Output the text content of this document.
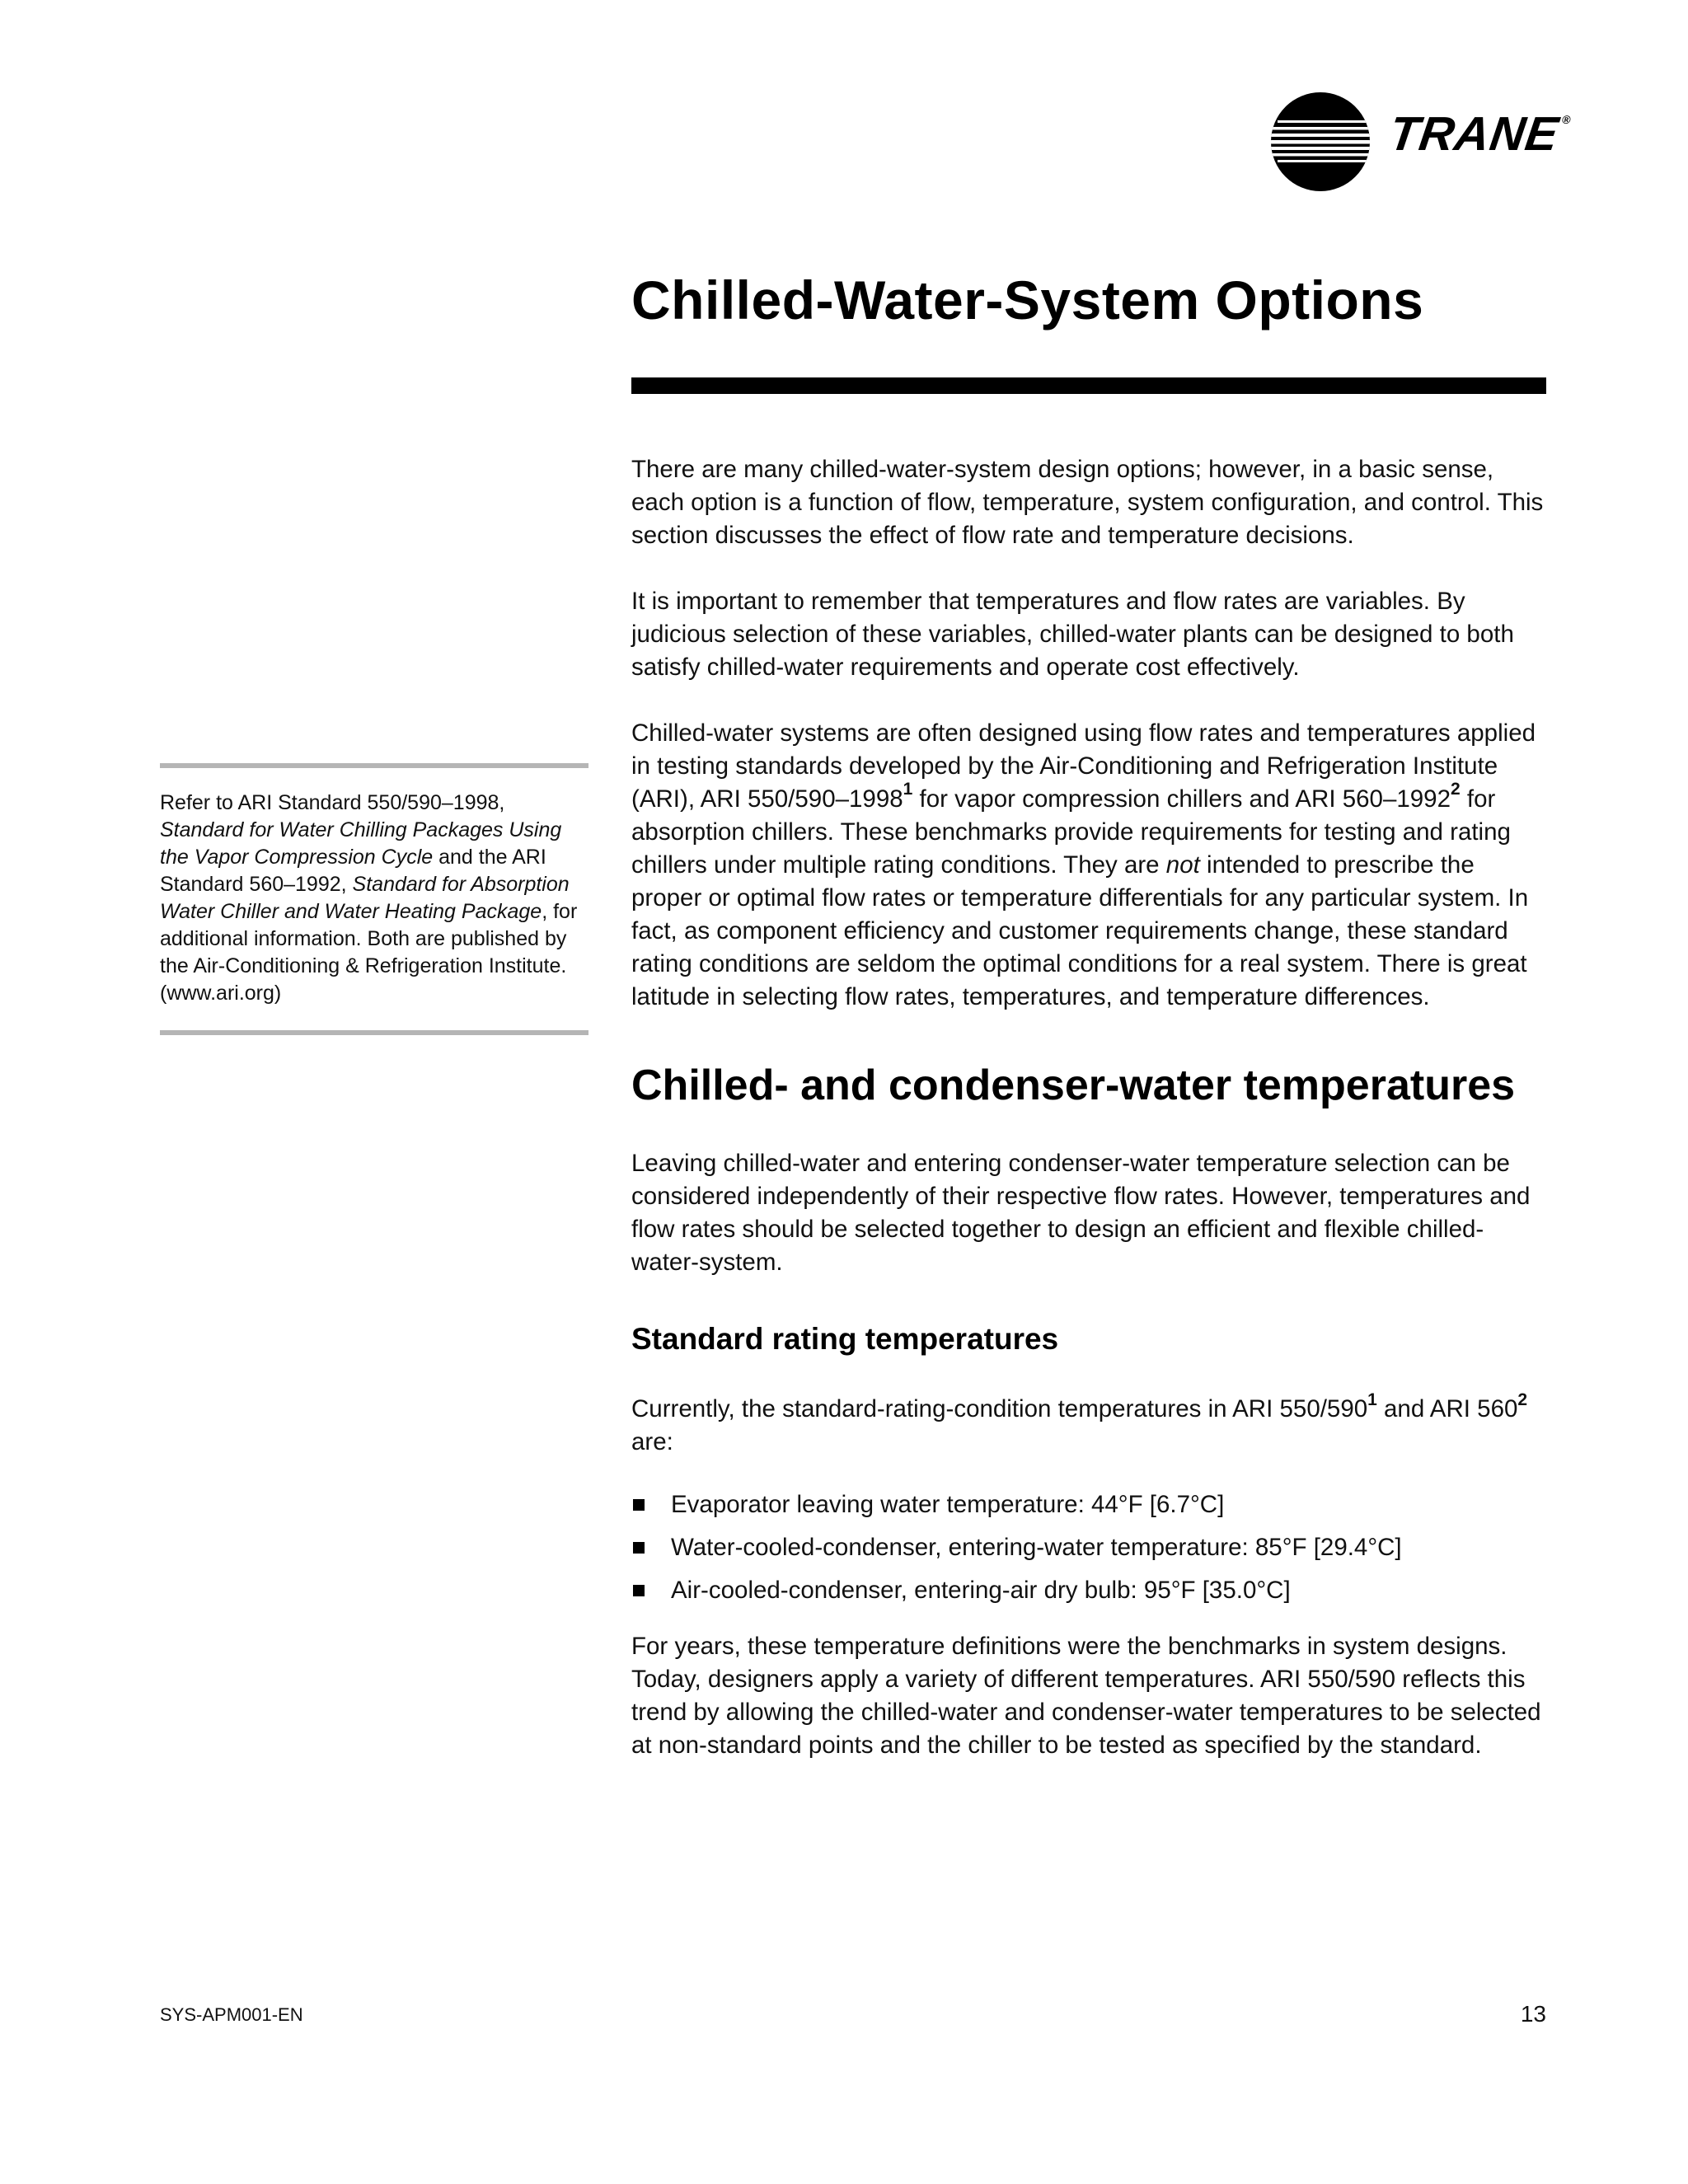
TRANE®
Chilled-Water-System Options

Refer to ARI Standard 550/590–1998, Standard for Water Chilling Packages Using the Vapor Compression Cycle and the ARI Standard 560–1992, Standard for Absorption Water Chiller and Water Heating Package, for additional information. Both are published by the Air-Conditioning & Refrigeration Institute. (www.ari.org)

There are many chilled-water-system design options; however, in a basic sense, each option is a function of flow, temperature, system configuration, and control. This section discusses the effect of flow rate and temperature decisions.

It is important to remember that temperatures and flow rates are variables. By judicious selection of these variables, chilled-water plants can be designed to both satisfy chilled-water requirements and operate cost effectively.

Chilled-water systems are often designed using flow rates and temperatures applied in testing standards developed by the Air-Conditioning and Refrigeration Institute (ARI), ARI 550/590–1998$^1$ for vapor compression chillers and ARI 560–1992$^2$ for absorption chillers. These benchmarks provide requirements for testing and rating chillers under multiple rating conditions. They are not intended to prescribe the proper or optimal flow rates or temperature differentials for any particular system. In fact, as component efficiency and customer requirements change, these standard rating conditions are seldom the optimal conditions for a real system. There is great latitude in selecting flow rates, temperatures, and temperature differences.

Chilled- and condenser-water temperatures

Leaving chilled-water and entering condenser-water temperature selection can be considered independently of their respective flow rates. However, temperatures and flow rates should be selected together to design an efficient and flexible chilled-water-system.

Standard rating temperatures

Currently, the standard-rating-condition temperatures in ARI 550/590$^1$ and ARI 560$^2$ are:

Evaporator leaving water temperature: 44°F [6.7°C]
Water-cooled-condenser, entering-water temperature: 85°F [29.4°C]
Air-cooled-condenser, entering-air dry bulb: 95°F [35.0°C]

For years, these temperature definitions were the benchmarks in system designs. Today, designers apply a variety of different temperatures. ARI 550/590 reflects this trend by allowing the chilled-water and condenser-water temperatures to be selected at non-standard points and the chiller to be tested as specified by the standard.

SYS-APM001-EN	13
